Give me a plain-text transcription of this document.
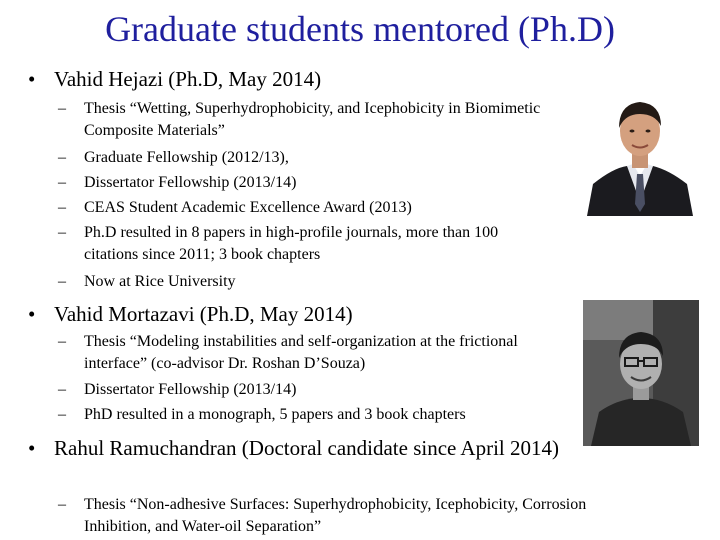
Graduate students mentored (Ph.D)
• Vahid Hejazi (Ph.D, May 2014)
– Thesis “Wetting, Superhydrophobicity, and Icephobicity in Biomimetic Composite Materials”
– Graduate Fellowship (2012/13),
– Dissertator Fellowship (2013/14)
– CEAS Student Academic Excellence Award (2013)
– Ph.D resulted in 8 papers in high-profile journals, more than 100 citations since 2011; 3 book chapters
– Now at Rice University
• Vahid Mortazavi (Ph.D, May 2014)
– Thesis “Modeling instabilities and self-organization at the frictional interface” (co-advisor Dr. Roshan D’Souza)
– Dissertator Fellowship (2013/14)
– PhD resulted in a monograph, 5 papers and 3 book chapters
• Rahul Ramuchandran (Doctoral candidate since April 2014)
– Thesis “Non-adhesive Surfaces: Superhydrophobicity, Icephobicity, Corrosion Inhibition, and Water-oil Separation”
